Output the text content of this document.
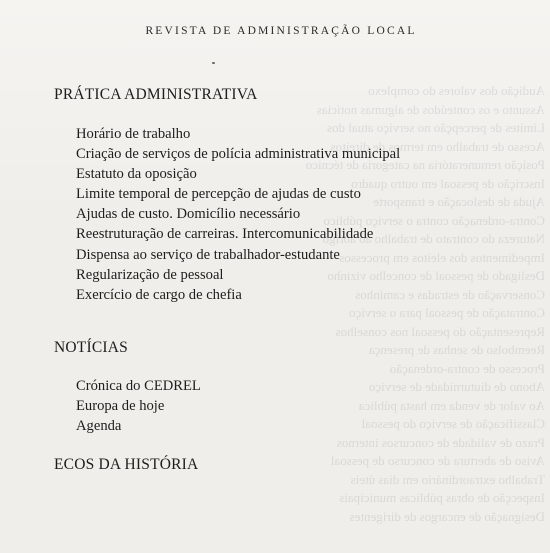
Audição dos valores do complexo
Assunto e os conteúdos de algumas notícias
Limites de percepção no serviço atual dos
Acesso de trabalho em termos de direitos
Posição remuneratória na categoria de técnico
Inscrição de pessoal em outro quadro
Ajuda de deslocação e transporte
Contra-ordenação contra o serviço público
Natureza do contrato de trabalho ao abrigo
Impedimentos dos eleitos em processos
Desligado de pessoal de concelho vizinho
Conservação de estradas e caminhos
Contratação de pessoal para o serviço
Representação do pessoal nos conselhos
Reembolso de senhas de presença
Processo de contra-ordenação
Abono de diuturnidade de serviço
Ao valor de venda em hasta pública
Classificação de serviço do pessoal
Prazo de validade de concursos internos
Aviso de abertura de concurso de pessoal
Trabalho extraordinário em dias úteis
Inspecção de obras públicas municipais
Designação de encargos de dirigentes
REVISTA DE ADMINISTRAÇÃO LOCAL
PRÁTICA ADMINISTRATIVA
Horário de trabalho
Criação de serviços de polícia administrativa municipal
Estatuto da oposição
Limite temporal de percepção de ajudas de custo
Ajudas de custo. Domicílio necessário
Reestruturação de carreiras. Intercomunicabilidade
Dispensa ao serviço de trabalhador-estudante
Regularização de pessoal
Exercício de cargo de chefia
NOTÍCIAS
Crónica do CEDREL
Europa de hoje
Agenda
ECOS DA HISTÓRIA
